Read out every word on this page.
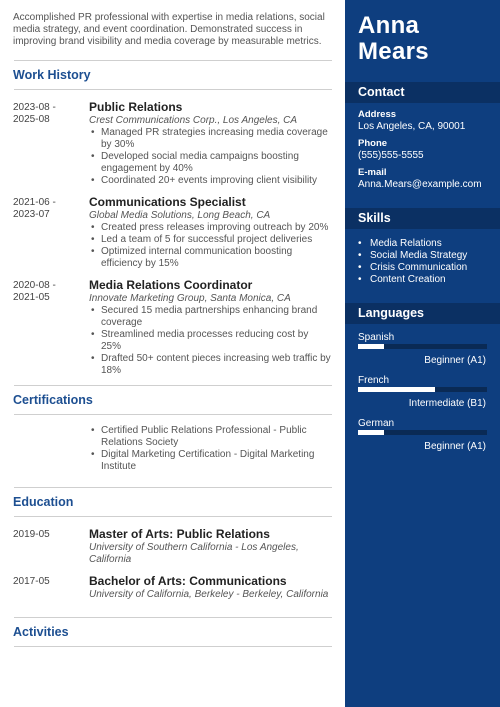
Accomplished PR professional with expertise in media relations, social media strategy, and event coordination. Demonstrated success in improving brand visibility and media coverage by measurable metrics.

Work History
2023-08 -
2025-08
Public Relations
Crest Communications Corp., Los Angeles, CA
• Managed PR strategies increasing media coverage by 30%
• Developed social media campaigns boosting engagement by 40%
• Coordinated 20+ events improving client visibility
2021-06 -
2023-07
Communications Specialist
Global Media Solutions, Long Beach, CA
• Created press releases improving outreach by 20%
• Led a team of 5 for successful project deliveries
• Optimized internal communication boosting efficiency by 15%
2020-08 -
2021-05
Media Relations Coordinator
Innovate Marketing Group, Santa Monica, CA
• Secured 15 media partnerships enhancing brand coverage
• Streamlined media processes reducing cost by 25%
• Drafted 50+ content pieces increasing web traffic by 18%
Certifications
• Certified Public Relations Professional - Public Relations Society
• Digital Marketing Certification - Digital Marketing Institute
Education
2019-05	Master of Arts: Public Relations
University of Southern California - Los Angeles, California
2017-05	Bachelor of Arts: Communications
University of California, Berkeley - Berkeley, California
Activities
Anna
Mears
Contact
Address
Los Angeles, CA, 90001
Phone
(555)555-5555
E-mail
Anna.Mears@example.com
Skills
• Media Relations
• Social Media Strategy
• Crisis Communication
• Content Creation
Languages
Spanish
Beginner (A1)
French
Intermediate (B1)
German
Beginner (A1)
